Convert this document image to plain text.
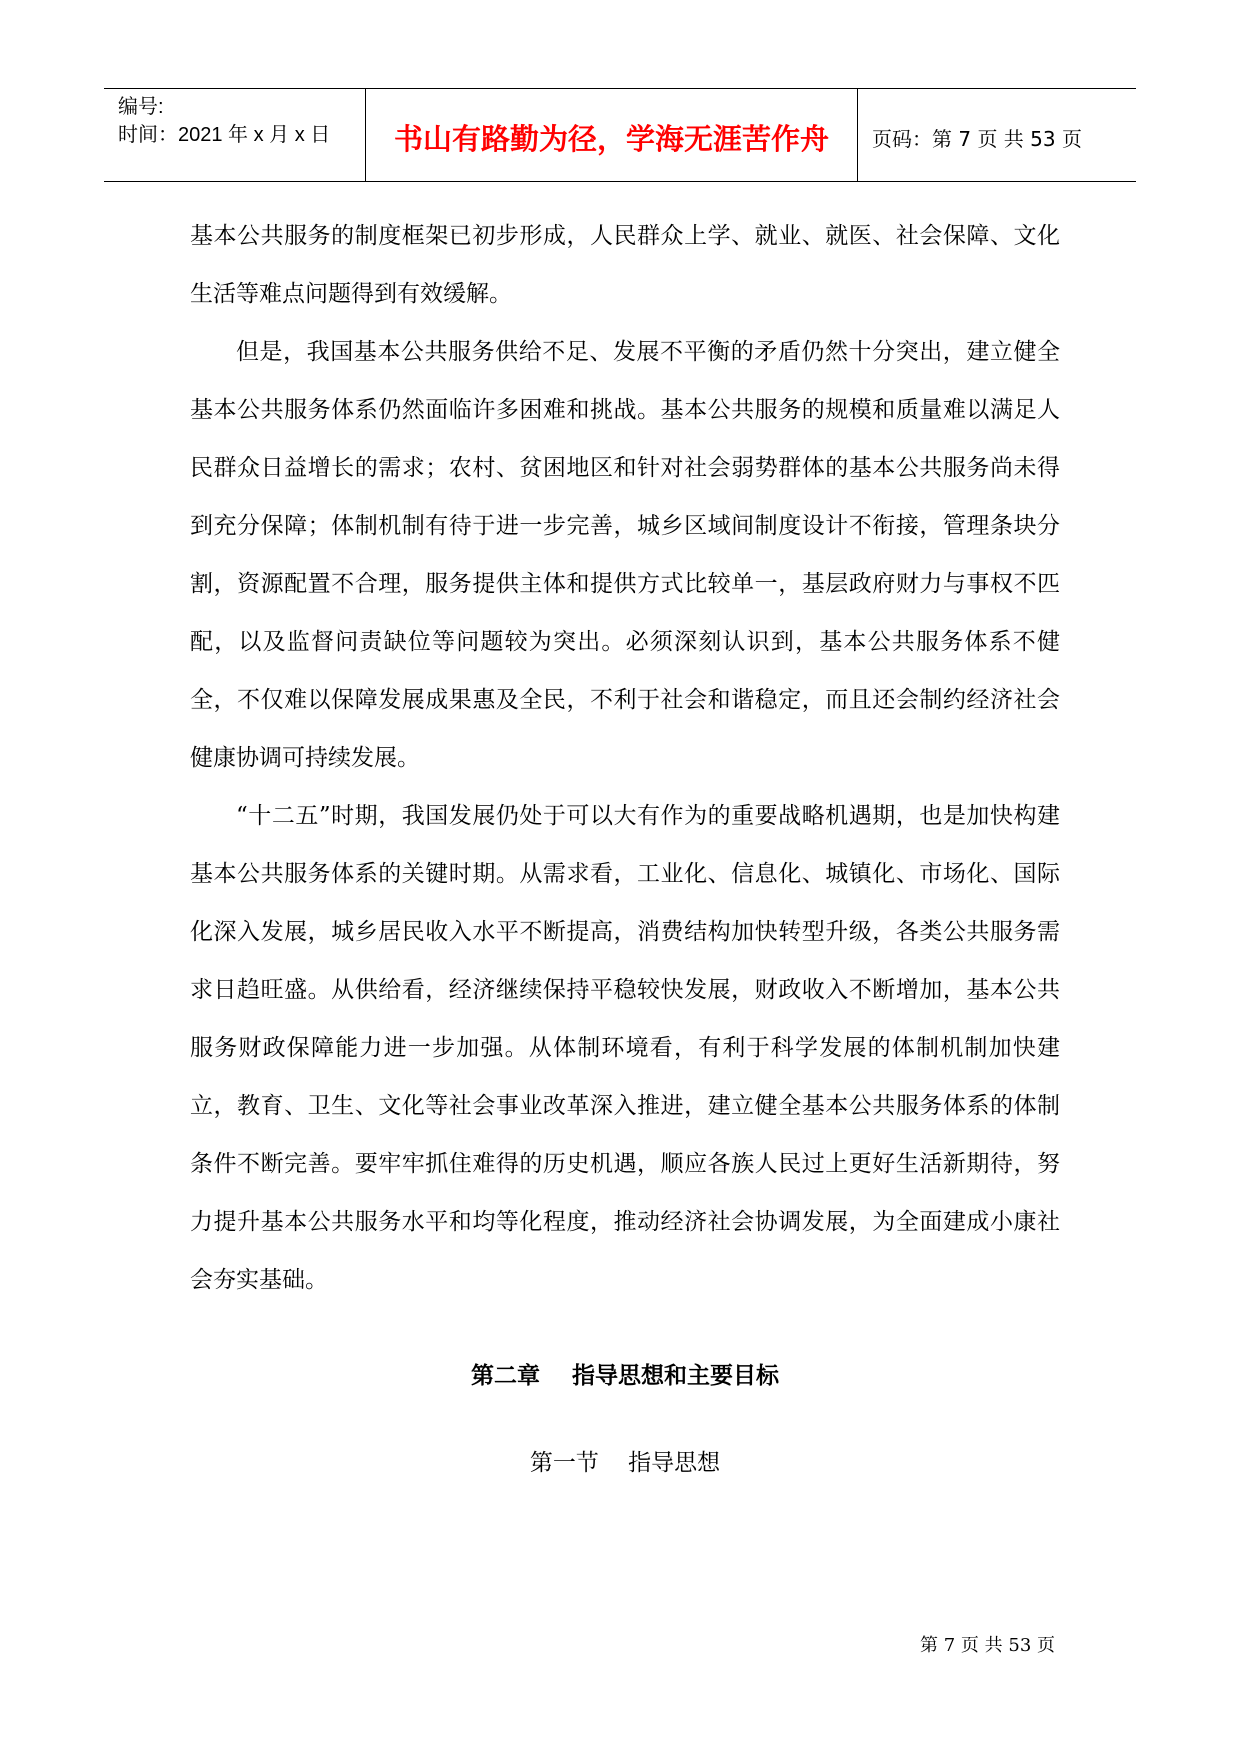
编号:
时间：2021 年 x 月 x 日	书山有路勤为径，学海无涯苦作舟	页码：第 7 页 共 53 页

基本公共服务的制度框架已初步形成，人民群众上学、就业、就医、社会保障、文化生活等难点问题得到有效缓解。

但是，我国基本公共服务供给不足、发展不平衡的矛盾仍然十分突出，建立健全基本公共服务体系仍然面临许多困难和挑战。基本公共服务的规模和质量难以满足人民群众日益增长的需求；农村、贫困地区和针对社会弱势群体的基本公共服务尚未得到充分保障；体制机制有待于进一步完善，城乡区域间制度设计不衔接，管理条块分割，资源配置不合理，服务提供主体和提供方式比较单一，基层政府财力与事权不匹配，以及监督问责缺位等问题较为突出。必须深刻认识到，基本公共服务体系不健全，不仅难以保障发展成果惠及全民，不利于社会和谐稳定，而且还会制约经济社会健康协调可持续发展。

“十二五”时期，我国发展仍处于可以大有作为的重要战略机遇期，也是加快构建基本公共服务体系的关键时期。从需求看，工业化、信息化、城镇化、市场化、国际化深入发展，城乡居民收入水平不断提高，消费结构加快转型升级，各类公共服务需求日趋旺盛。从供给看，经济继续保持平稳较快发展，财政收入不断增加，基本公共服务财政保障能力进一步加强。从体制环境看，有利于科学发展的体制机制加快建立，教育、卫生、文化等社会事业改革深入推进，建立健全基本公共服务体系的体制条件不断完善。要牢牢抓住难得的历史机遇，顺应各族人民过上更好生活新期待，努力提升基本公共服务水平和均等化程度，推动经济社会协调发展，为全面建成小康社会夯实基础。

第二章    指导思想和主要目标
第一节    指导思想
第 7 页 共 53 页
